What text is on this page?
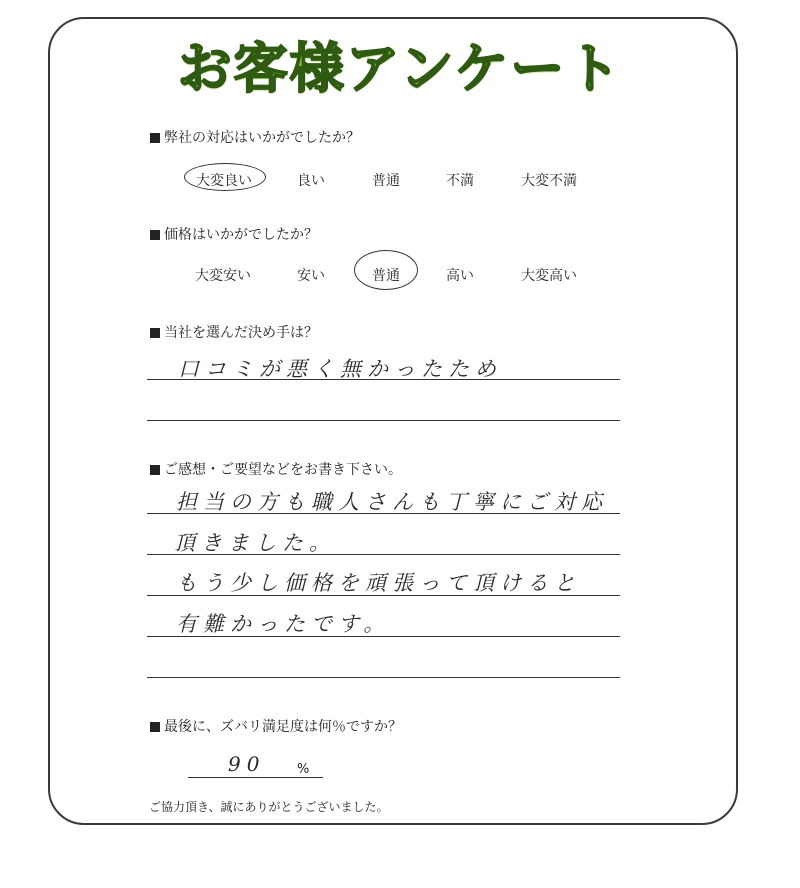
お客様アンケート
弊社の対応はいかがでしたか？
大変良い	良い	普通	不満	大変不満
価格はいかがでしたか？
大変安い	安い	普通	高い	大変高い
当社を選んだ決め手は？
口コミが悪く無かったため
ご感想・ご要望などをお書き下さい。
担当の方も職人さんも丁寧にご対応
頂きました。
もう少し価格を頑張って頂けると
有難かったです。
最後に、ズバリ満足度は何％ですか？
90 %
ご協力頂き、誠にありがとうございました。
